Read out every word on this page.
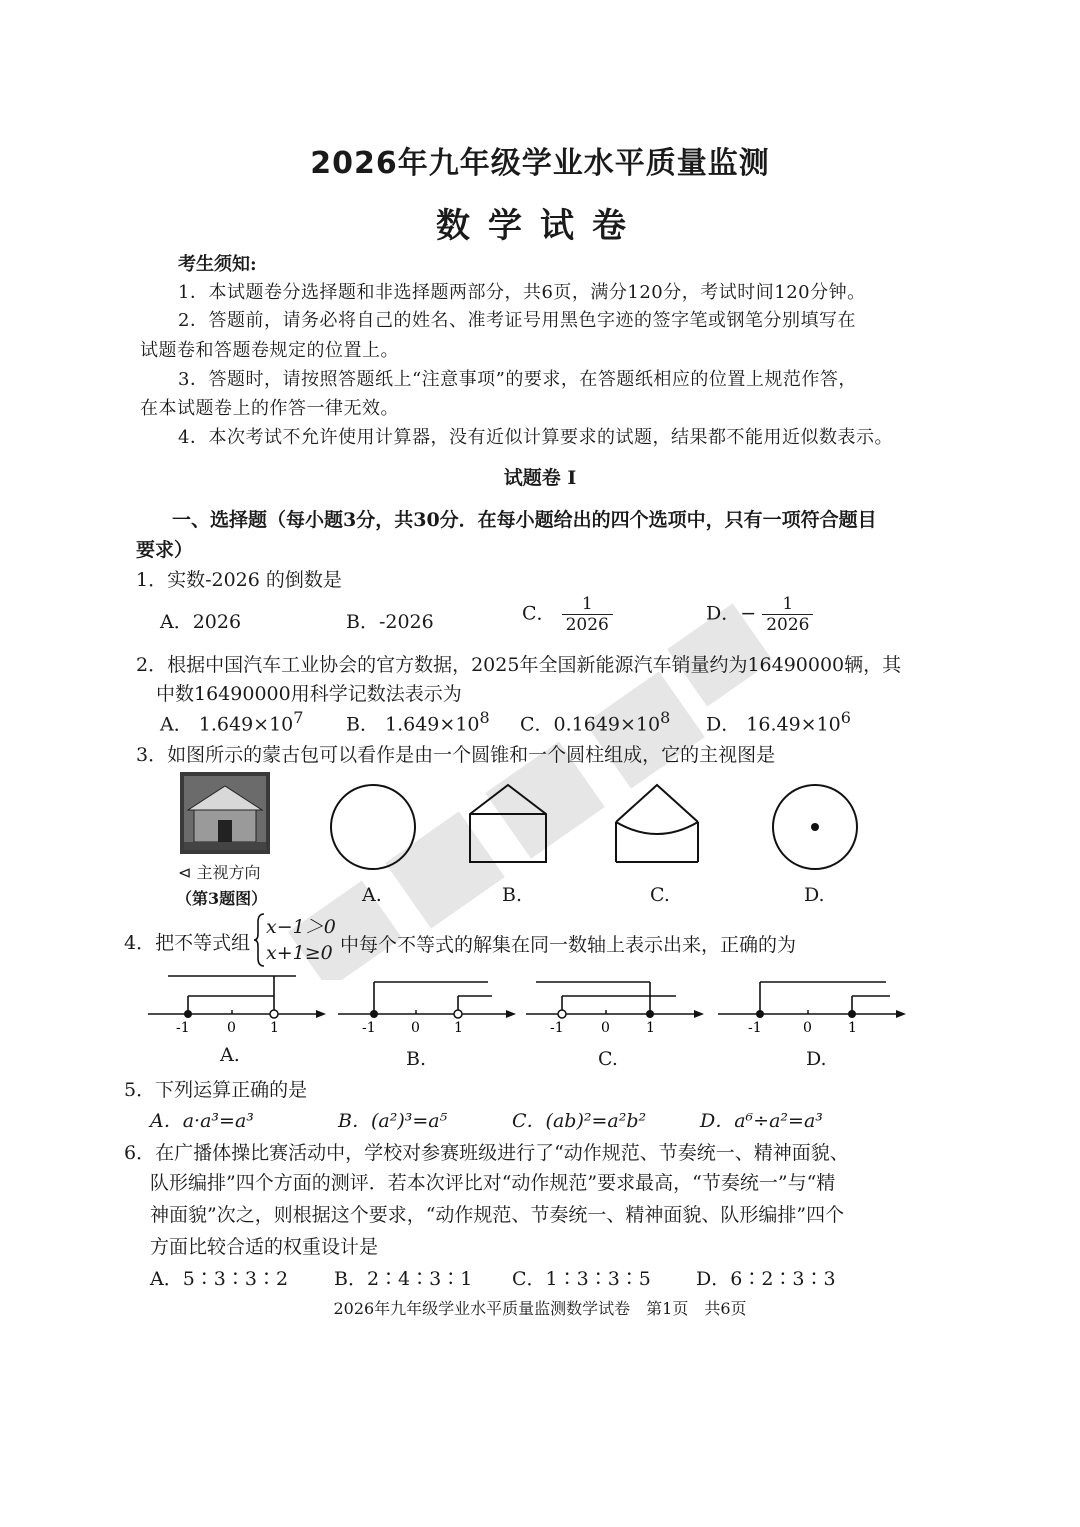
2026年九年级学业水平质量监测
数学试卷
考生须知:
1．本试题卷分选择题和非选择题两部分，共6页，满分120分，考试时间120分钟。
2．答题前，请务必将自己的姓名、准考证号用黑色字迹的签字笔或钢笔分别填写在
试题卷和答题卷规定的位置上。
3．答题时，请按照答题纸上“注意事项”的要求，在答题纸相应的位置上规范作答，
在本试题卷上的作答一律无效。
4．本次考试不允许使用计算器，没有近似计算要求的试题，结果都不能用近似数表示。
试题卷 I
一、选择题（每小题3分，共30分．在每小题给出的四个选项中，只有一项符合题目
要求）
1．实数-2026 的倒数是
A．2026	B．-2026	C． $\frac{1}{2026}$	D．− $\frac{1}{2026}$
2．根据中国汽车工业协会的官方数据，2025年全国新能源汽车销量约为16490000辆，其
中数16490000用科学记数法表示为
A． $1.649\times 10^7$ B． $1.649\times 10^8$ C．$0.1649\times 10^8$ D． $16.49\times 10^6$
3．如图所示的蒙古包可以看作是由一个圆锥和一个圆柱组成，它的主视图是
⊲ 主视方向
（第3题图）	A.	B.	C.	D.
4．把不等式组
x−1＞0
x+1≥0 中每个不等式的解集在同一数轴上表示出来，正确的为
-1	0 1	-1	0 1	-1	0	1	-1	0	1
A.	B.	C.	D.
5．下列运算正确的是
A．a·a³=a³	B．(a²)³=a⁵	C．(ab)²=a²b²	D．a⁶÷a²=a³
6．在广播体操比赛活动中，学校对参赛班级进行了“动作规范、节奏统一、精神面貌、
队形编排”四个方面的测评．若本次评比对“动作规范”要求最高，“节奏统一”与“精
神面貌”次之，则根据这个要求，“动作规范、节奏统一、精神面貌、队形编排”四个
方面比较合适的权重设计是
A．5∶3∶3∶2 B．2∶4∶3∶1 C．1∶3∶3∶5 D．6∶2∶3∶3
2026年九年级学业水平质量监测数学试卷　第1页　共6页
